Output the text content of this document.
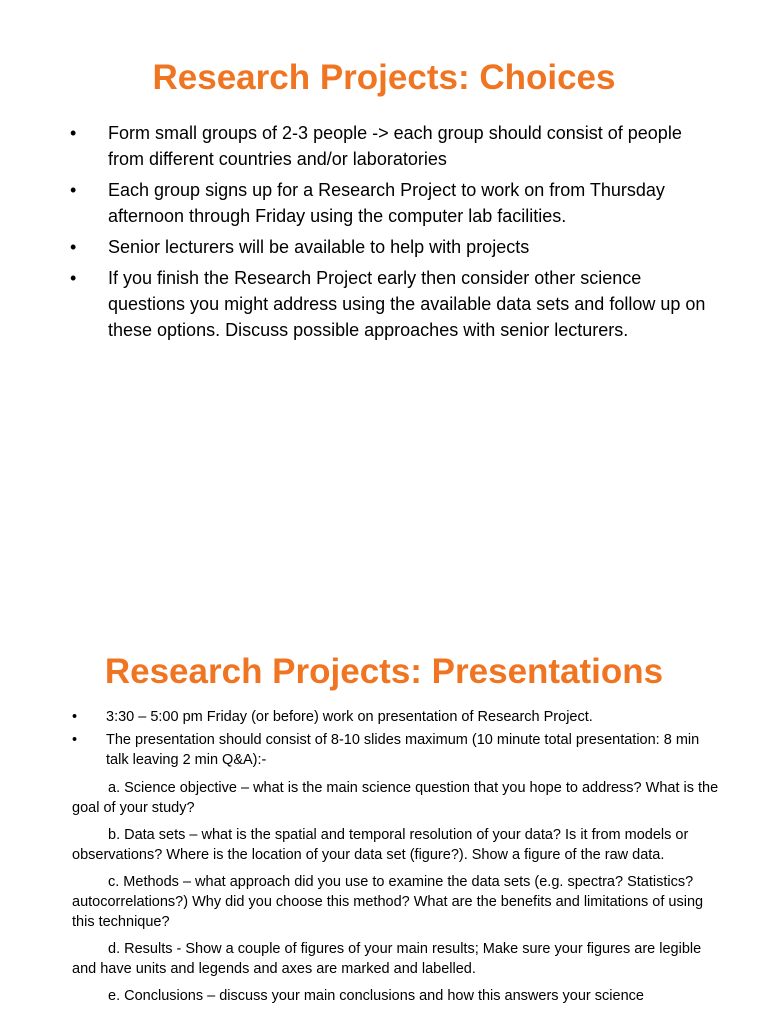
Research Projects: Choices
• Form small groups of 2-3 people -> each group should consist of people from different countries and/or laboratories
• Each group signs up for a Research Project to work on from Thursday afternoon through Friday using the computer lab facilities.
• Senior lecturers will be available to help with projects
• If you finish the Research Project early then consider other science questions you might address using the available data sets and follow up on these options. Discuss possible approaches with senior lecturers.
Research Projects: Presentations
• 3:30 – 5:00 pm Friday (or before) work on presentation of Research Project.
• The presentation should consist of 8-10 slides maximum (10 minute total presentation: 8 min talk leaving 2 min Q&A):-

a. Science objective – what is the main science question that you hope to address? What is the goal of your study?

b. Data sets – what is the spatial and temporal resolution of your data? Is it from models or observations? Where is the location of your data set (figure?). Show a figure of the raw data.

c. Methods – what approach did you use to examine the data sets (e.g. spectra? Statistics? autocorrelations?) Why did you choose this method? What are the benefits and limitations of using this technique?

d. Results - Show a couple of figures of your main results; Make sure your figures are legible and have units and legends and axes are marked and labelled.

e. Conclusions – discuss your main conclusions and how this answers your science
